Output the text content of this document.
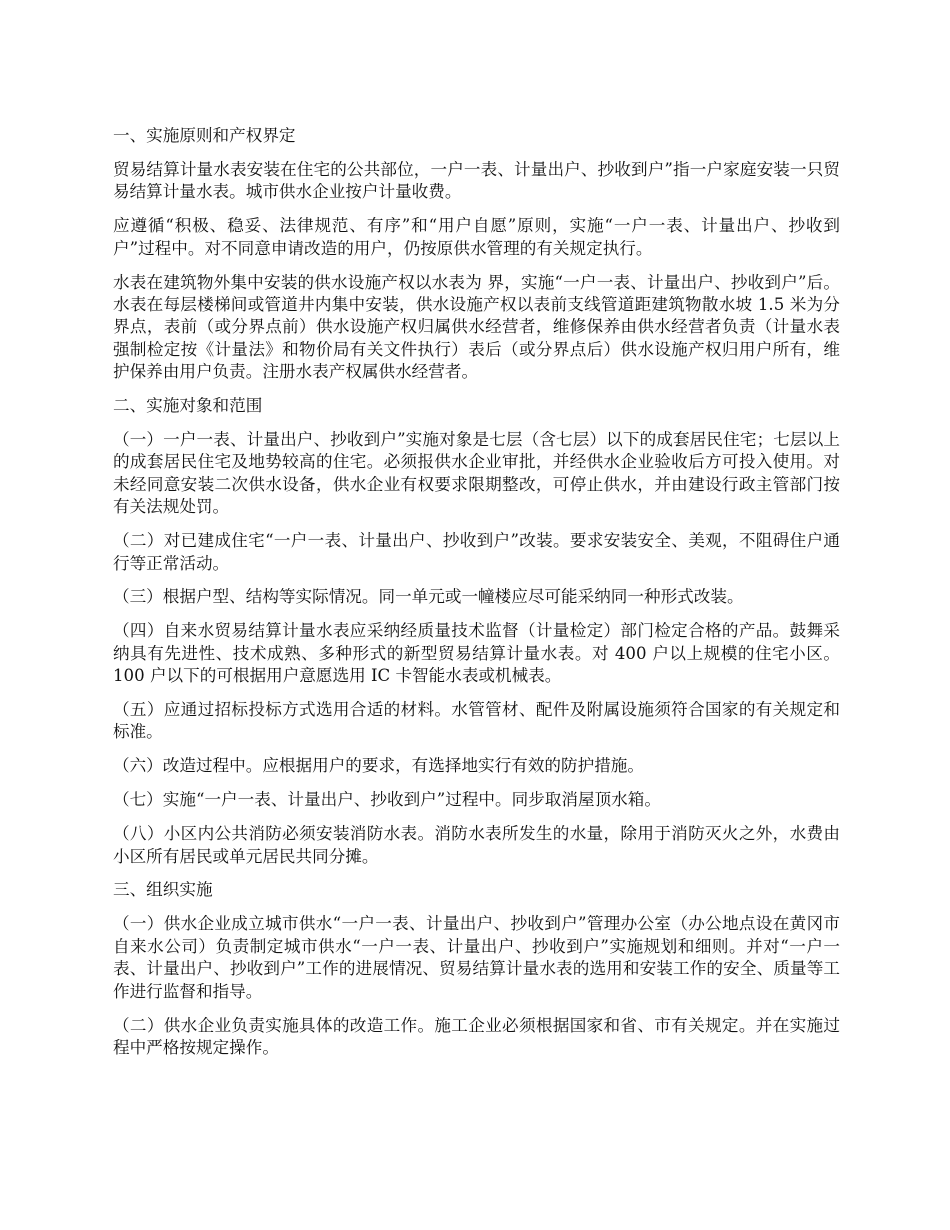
一、实施原则和产权界定

贸易结算计量水表安装在住宅的公共部位，一户一表、计量出户、抄收到户”指一户家庭安装一只贸易结算计量水表。城市供水企业按户计量收费。

应遵循“积极、稳妥、法律规范、有序”和“用户自愿”原则，实施“一户一表、计量出户、抄收到户”过程中。对不同意申请改造的用户，仍按原供水管理的有关规定执行。

水表在建筑物外集中安装的供水设施产权以水表为 界，实施“一户一表、计量出户、抄收到户”后。水表在每层楼梯间或管道井内集中安装，供水设施产权以表前支线管道距建筑物散水坡 1.5 米为分界点，表前（或分界点前）供水设施产权归属供水经营者，维修保养由供水经营者负责（计量水表强制检定按《计量法》和物价局有关文件执行）表后（或分界点后）供水设施产权归用户所有，维护保养由用户负责。注册水表产权属供水经营者。

二、实施对象和范围

（一）一户一表、计量出户、抄收到户”实施对象是七层（含七层）以下的成套居民住宅；七层以上的成套居民住宅及地势较高的住宅。必须报供水企业审批，并经供水企业验收后方可投入使用。对未经同意安装二次供水设备，供水企业有权要求限期整改，可停止供水，并由建设行政主管部门按有关法规处罚。

（二）对已建成住宅“一户一表、计量出户、抄收到户”改装。要求安装安全、美观，不阻碍住户通行等正常活动。

（三）根据户型、结构等实际情况。同一单元或一幢楼应尽可能采纳同一种形式改装。

（四）自来水贸易结算计量水表应采纳经质量技术监督（计量检定）部门检定合格的产品。鼓舞采纳具有先进性、技术成熟、多种形式的新型贸易结算计量水表。对 400 户以上规模的住宅小区。100 户以下的可根据用户意愿选用 IC 卡智能水表或机械表。

（五）应通过招标投标方式选用合适的材料。水管管材、配件及附属设施须符合国家的有关规定和标准。

（六）改造过程中。应根据用户的要求，有选择地实行有效的防护措施。

（七）实施“一户一表、计量出户、抄收到户”过程中。同步取消屋顶水箱。

（八）小区内公共消防必须安装消防水表。消防水表所发生的水量，除用于消防灭火之外，水费由小区所有居民或单元居民共同分摊。

三、组织实施

（一）供水企业成立城市供水“一户一表、计量出户、抄收到户”管理办公室（办公地点设在黄冈市自来水公司）负责制定城市供水“一户一表、计量出户、抄收到户”实施规划和细则。并对“一户一表、计量出户、抄收到户”工作的进展情况、贸易结算计量水表的选用和安装工作的安全、质量等工作进行监督和指导。

（二）供水企业负责实施具体的改造工作。施工企业必须根据国家和省、市有关规定。并在实施过程中严格按规定操作。
